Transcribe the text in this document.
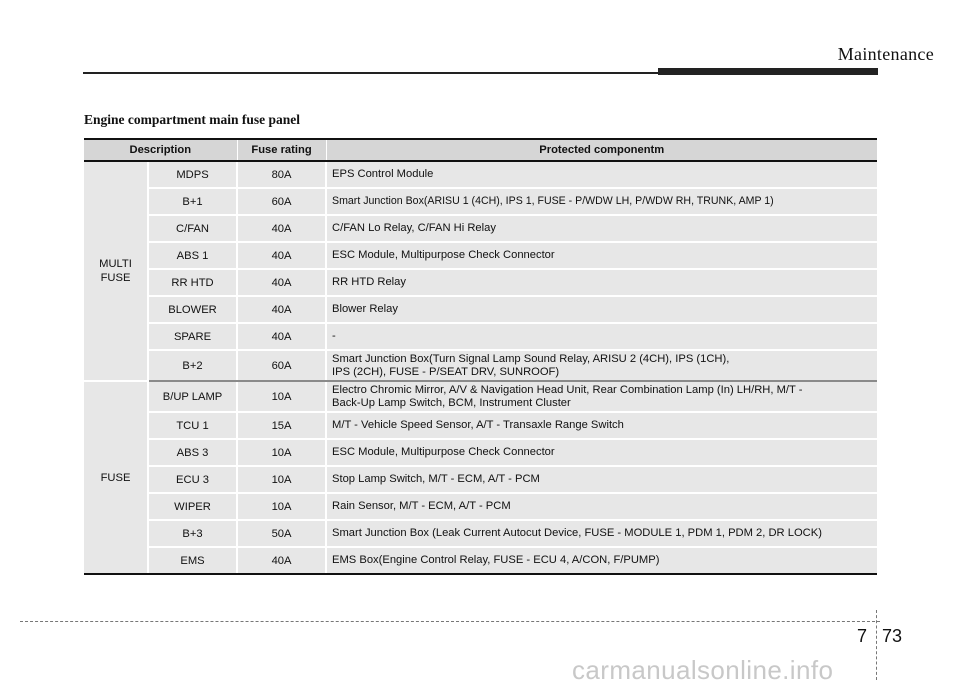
Maintenance
Engine compartment main fuse panel
Description		Fuse rating	Protected componentm
MULTI
FUSE	MDPS	80A	EPS Control Module
	B+1	60A	Smart Junction Box(ARISU 1 (4CH), IPS 1, FUSE - P/WDW LH, P/WDW RH, TRUNK, AMP 1)
	C/FAN	40A	C/FAN Lo Relay, C/FAN Hi Relay
	ABS 1	40A	ESC Module, Multipurpose Check Connector
	RR HTD	40A	RR HTD Relay
	BLOWER	40A	Blower Relay
	SPARE	40A	-
	B+2	60A	Smart Junction Box(Turn Signal Lamp Sound Relay, ARISU 2 (4CH), IPS (1CH),
IPS (2CH), FUSE - P/SEAT DRV, SUNROOF)
FUSE	B/UP LAMP	10A	Electro Chromic Mirror, A/V & Navigation Head Unit, Rear Combination Lamp (In) LH/RH, M/T -
Back-Up Lamp Switch, BCM, Instrument Cluster
	TCU 1	15A	M/T - Vehicle Speed Sensor, A/T - Transaxle Range Switch
	ABS 3	10A	ESC Module, Multipurpose Check Connector
	ECU 3	10A	Stop Lamp Switch, M/T - ECM, A/T - PCM
	WIPER	10A	Rain Sensor, M/T - ECM, A/T - PCM
	B+3	50A	Smart Junction Box (Leak Current Autocut Device, FUSE - MODULE 1, PDM 1, PDM 2, DR LOCK)
	EMS	40A	EMS Box(Engine Control Relay, FUSE - ECU 4, A/CON, F/PUMP)
7 73
carmanualsonline.info
